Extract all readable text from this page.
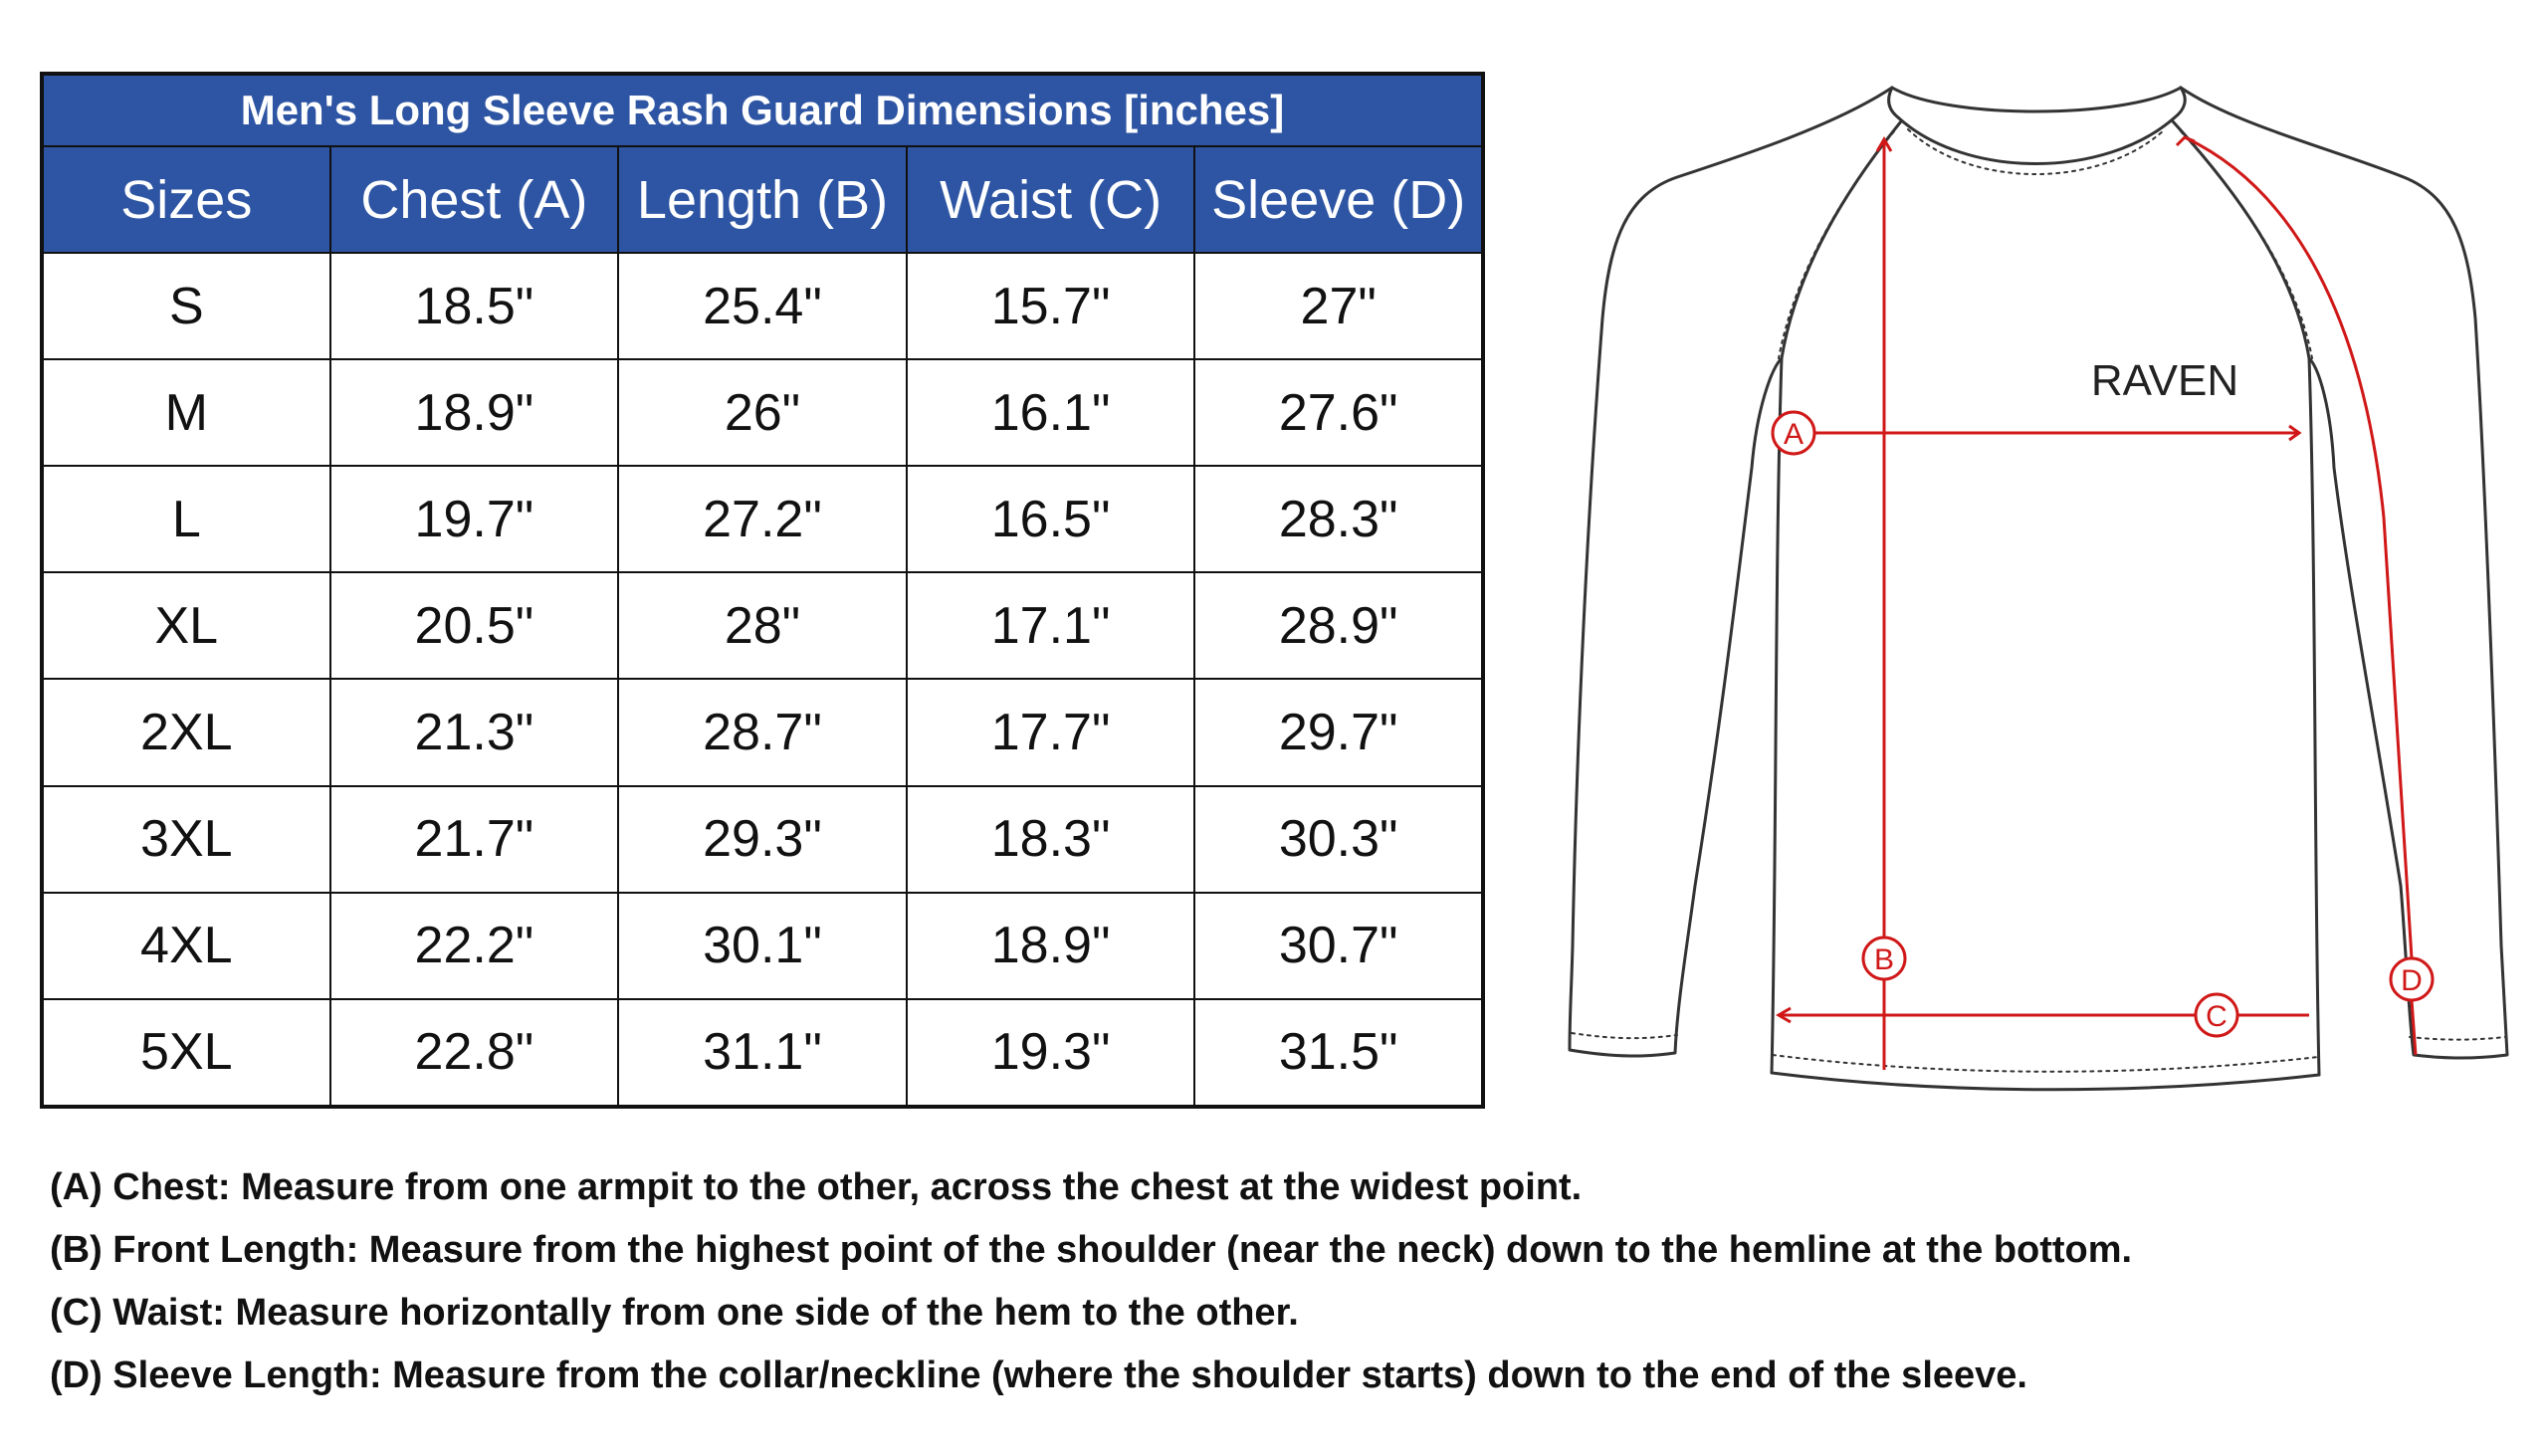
Men's Long Sleeve Rash Guard Dimensions [inches]				
Sizes	Chest (A)	Length (B)	Waist (C)	Sleeve (D)
S	18.5"	25.4"	15.7"	27"
M	18.9"	26"	16.1"	27.6"
L	19.7"	27.2"	16.5"	28.3"
XL	20.5"	28"	17.1"	28.9"
2XL	21.3"	28.7"	17.7"	29.7"
3XL	21.7"	29.3"	18.3"	30.3"
4XL	22.2"	30.1"	18.9"	30.7"
5XL	22.8"	31.1"	19.3"	31.5"
A
B
C
D
RAVEN
(A) Chest: Measure from one armpit to the other, across the chest at the widest point.
(B) Front Length: Measure from the highest point of the shoulder (near the neck) down to the hemline at the bottom.
(C) Waist: Measure horizontally from one side of the hem to the other.
(D) Sleeve Length: Measure from the collar/neckline (where the shoulder starts) down to the end of the sleeve.
